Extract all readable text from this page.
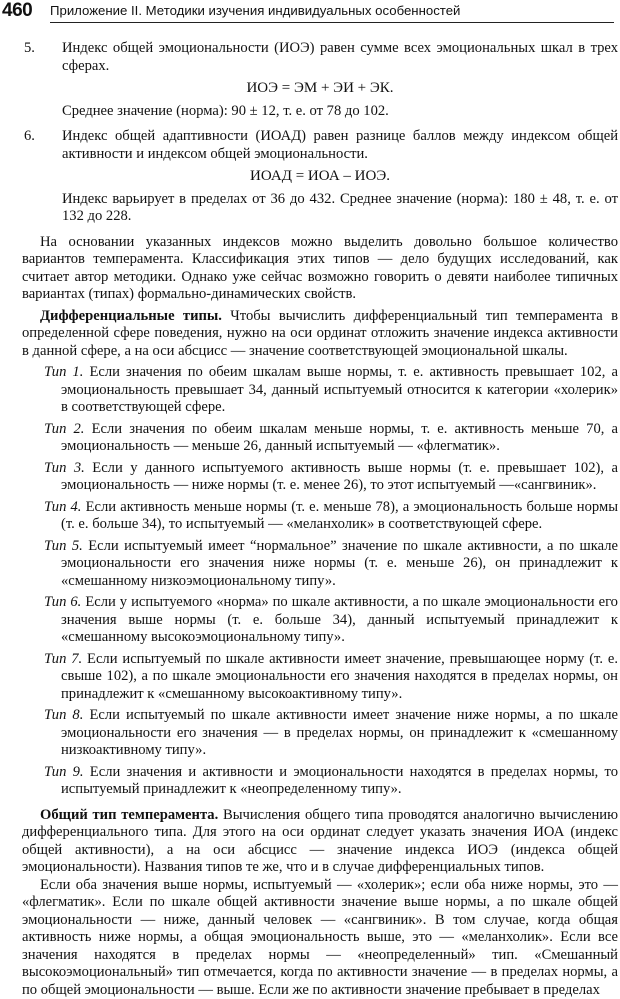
460 Приложение II. Методики изучения индивидуальных особенностей
5. Индекс общей эмоциональности (ИОЭ) равен сумме всех эмоциональных шкал в трех сферах.

ИОЭ = ЭМ + ЭИ + ЭК.

Среднее значение (норма): 90 ± 12, т. е. от 78 до 102.

6. Индекс общей адаптивности (ИОАД) равен разнице баллов между индексом общей активности и индексом общей эмоциональности.

ИОАД = ИОА – ИОЭ.

Индекс варьирует в пределах от 36 до 432. Среднее значение (норма): 180 ± 48, т. е. от 132 до 228.

На основании указанных индексов можно выделить довольно большое количество вариантов темперамента. Классификация этих типов — дело будущих исследований, как считает автор методики. Однако уже сейчас возможно говорить о девяти наиболее типичных вариантах (типах) формально-динамических свойств.

Дифференциальные типы. Чтобы вычислить дифференциальный тип темперамента в определенной сфере поведения, нужно на оси ординат отложить значение индекса активности в данной сфере, а на оси абсцисс — значение соответствующей эмоциональной шкалы.

Тип 1. Если значения по обеим шкалам выше нормы, т. е. активность превышает 102, а эмоциональность превышает 34, данный испытуемый относится к категории «холерик» в соответствующей сфере.

Тип 2. Если значения по обеим шкалам меньше нормы, т. е. активность меньше 70, а эмоциональность — меньше 26, данный испытуемый — «флегматик».

Тип 3. Если у данного испытуемого активность выше нормы (т. е. превышает 102), а эмоциональность — ниже нормы (т. е. менее 26), то этот испытуемый —«сангвиник».

Тип 4. Если активность меньше нормы (т. е. меньше 78), а эмоциональность больше нормы (т. е. больше 34), то испытуемый — «меланхолик» в соответствующей сфере.

Тип 5. Если испытуемый имеет “нормальное” значение по шкале активности, а по шкале эмоциональности его значения ниже нормы (т. е. меньше 26), он принадлежит к «смешанному низкоэмоциональному типу».

Тип 6. Если у испытуемого «норма» по шкале активности, а по шкале эмоциональности его значения выше нормы (т. е. больше 34), данный испытуемый принадлежит к «смешанному высокоэмоциональному типу».

Тип 7. Если испытуемый по шкале активности имеет значение, превышающее норму (т. е. свыше 102), а по шкале эмоциональности его значения находятся в пределах нормы, он принадлежит к «смешанному высокоактивному типу».

Тип 8. Если испытуемый по шкале активности имеет значение ниже нормы, а по шкале эмоциональности его значения — в пределах нормы, он принадлежит к «смешанному низкоактивному типу».

Тип 9. Если значения и активности и эмоциональности находятся в пределах нормы, то испытуемый принадлежит к «неопределенному типу».

Общий тип темперамента. Вычисления общего типа проводятся аналогично вычислению дифференциального типа. Для этого на оси ординат следует указать значения ИОА (индекс общей активности), а на оси абсцисс — значение индекса ИОЭ (индекса общей эмоциональности). Названия типов те же, что и в случае дифференциальных типов.

Если оба значения выше нормы, испытуемый — «холерик»; если оба ниже нормы, это — «флегматик». Если по шкале общей активности значение выше нормы, а по шкале общей эмоциональности — ниже, данный человек — «сангвиник». В том случае, когда общая активность ниже нормы, а общая эмоциональность выше, это — «меланхолик». Если все значения находятся в пределах нормы — «неопределенный» тип. «Смешанный высокоэмоциональный» тип отмечается, когда по активности значение — в пределах нормы, а по общей эмоциональности — выше. Если же по активности значение пребывает в пределах
